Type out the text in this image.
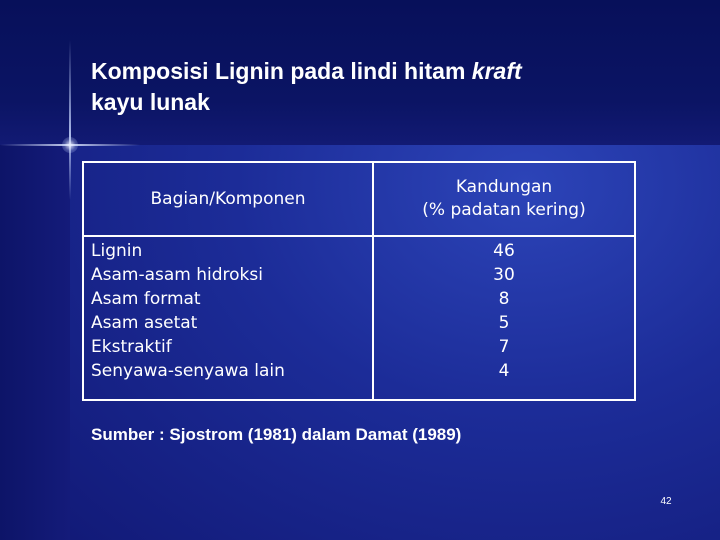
Komposisi Lignin pada lindi hitam kraft
kayu lunak
Bagian/Komponen
Kandungan
(% padatan kering)
Lignin
Asam-asam hidroksi
Asam format
Asam asetat
Ekstraktif
Senyawa-senyawa lain
46
30
8
5
7
4
Sumber : Sjostrom (1981) dalam Damat (1989)
42
